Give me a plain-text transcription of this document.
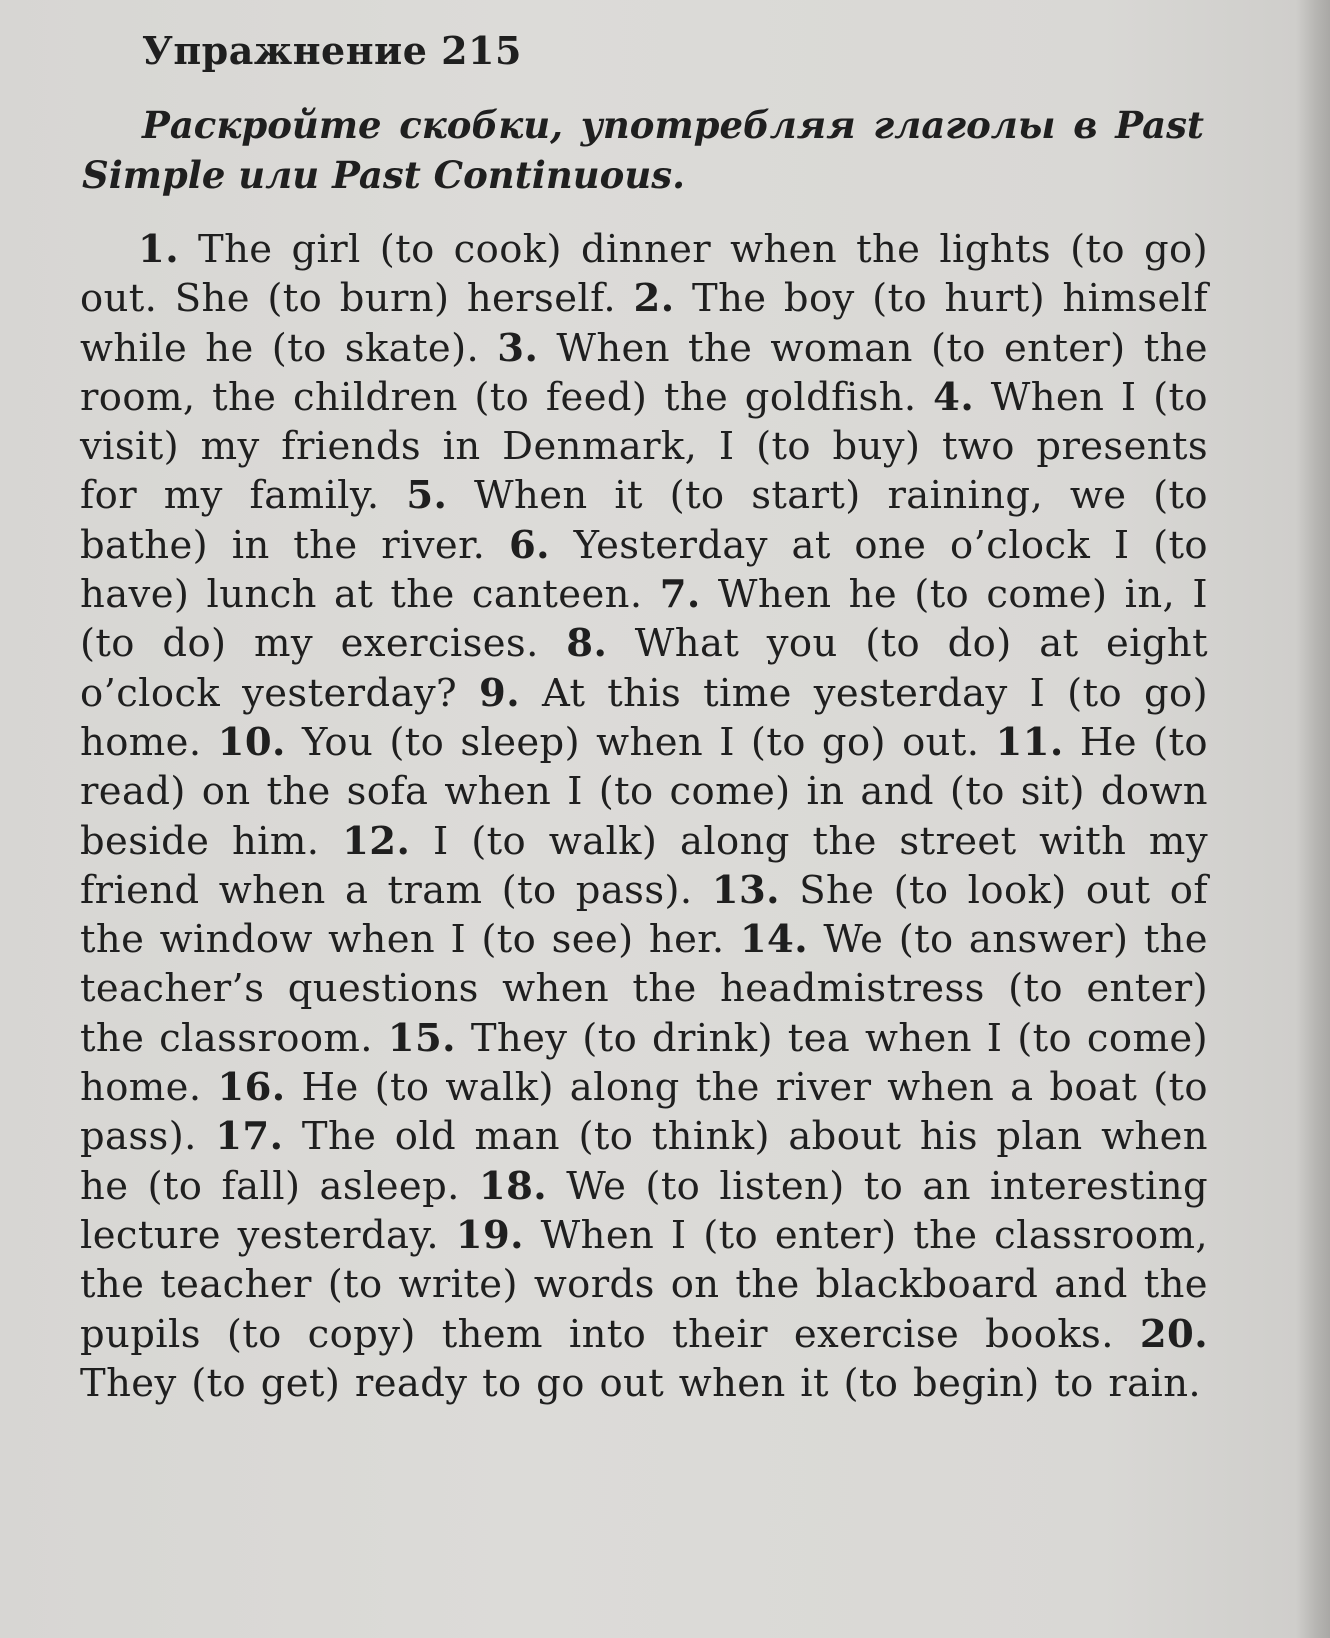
Упражнение 215

Раскройте скобки, употребляя глаголы в Past Simple или Past Continuous.

1. The girl (to cook) dinner when the lights (to go) out. She (to burn) herself. 2. The boy (to hurt) himself while he (to skate). 3. When the woman (to enter) the room, the children (to feed) the goldfish. 4. When I (to visit) my friends in Denmark, I (to buy) two presents for my family. 5. When it (to start) raining, we (to bathe) in the river. 6. Yesterday at one o’clock I (to have) lunch at the canteen. 7. When he (to come) in, I (to do) my exercises. 8. What you (to do) at eight o’clock yesterday? 9. At this time yesterday I (to go) home. 10. You (to sleep) when I (to go) out. 11. He (to read) on the sofa when I (to come) in and (to sit) down beside him. 12. I (to walk) along the street with my friend when a tram (to pass). 13. She (to look) out of the window when I (to see) her. 14. We (to answer) the teacher’s questions when the headmistress (to enter) the classroom. 15. They (to drink) tea when I (to come) home. 16. He (to walk) along the river when a boat (to pass). 17. The old man (to think) about his plan when he (to fall) asleep. 18. We (to listen) to an interesting lecture yesterday. 19. When I (to enter) the classroom, the teacher (to write) words on the blackboard and the pupils (to copy) them into their exercise books. 20. They (to get) ready to go out when it (to begin) to rain.
